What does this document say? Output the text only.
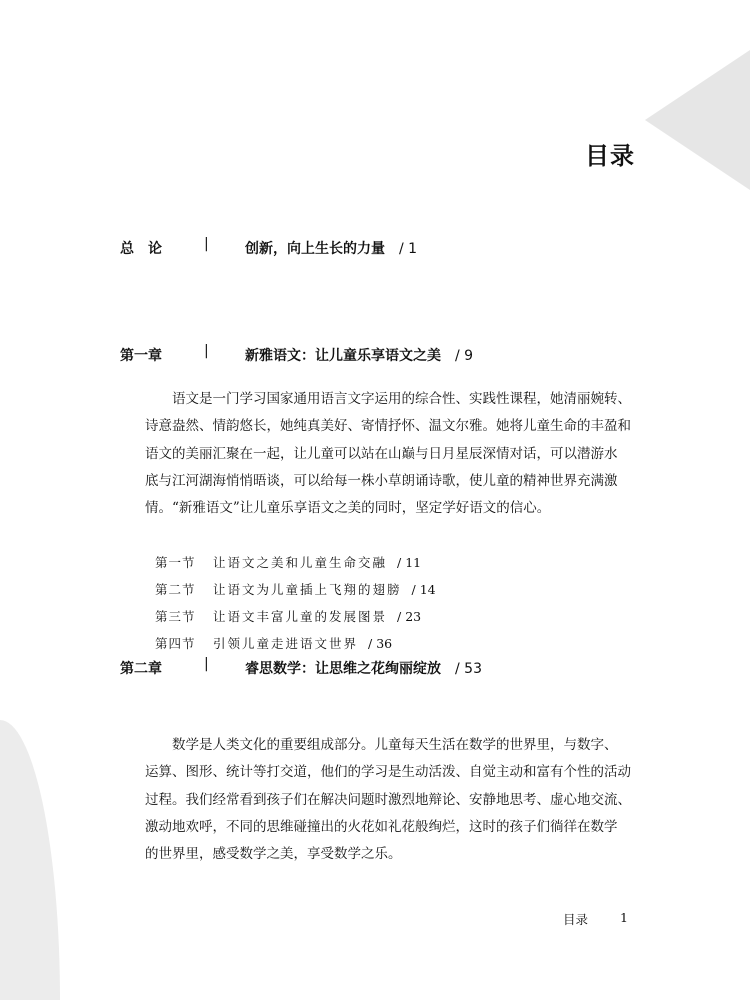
目录
总　论	|	创新，向上生长的力量 / 1
第一章	|	新雅语文：让儿童乐享语文之美 / 9
语文是一门学习国家通用语言文字运用的综合性、实践性课程，她清丽婉转、
诗意盎然、情韵悠长，她纯真美好、寄情抒怀、温文尔雅。她将儿童生命的丰盈和
语文的美丽汇聚在一起，让儿童可以站在山巅与日月星辰深情对话，可以潜游水
底与江河湖海悄悄晤谈，可以给每一株小草朗诵诗歌，使儿童的精神世界充满激
情。“新雅语文”让儿童乐享语文之美的同时，坚定学好语文的信心。
第一节 让语文之美和儿童生命交融 / 11
第二节 让语文为儿童插上飞翔的翅膀 / 14
第三节 让语文丰富儿童的发展图景 / 23
第四节 引领儿童走进语文世界 / 36
第二章	|	睿思数学：让思维之花绚丽绽放 / 53
数学是人类文化的重要组成部分。儿童每天生活在数学的世界里，与数字、
运算、图形、统计等打交道，他们的学习是生动活泼、自觉主动和富有个性的活动
过程。我们经常看到孩子们在解决问题时激烈地辩论、安静地思考、虚心地交流、
激动地欢呼，不同的思维碰撞出的火花如礼花般绚烂，这时的孩子们徜徉在数学
的世界里，感受数学之美，享受数学之乐。
目录	1
